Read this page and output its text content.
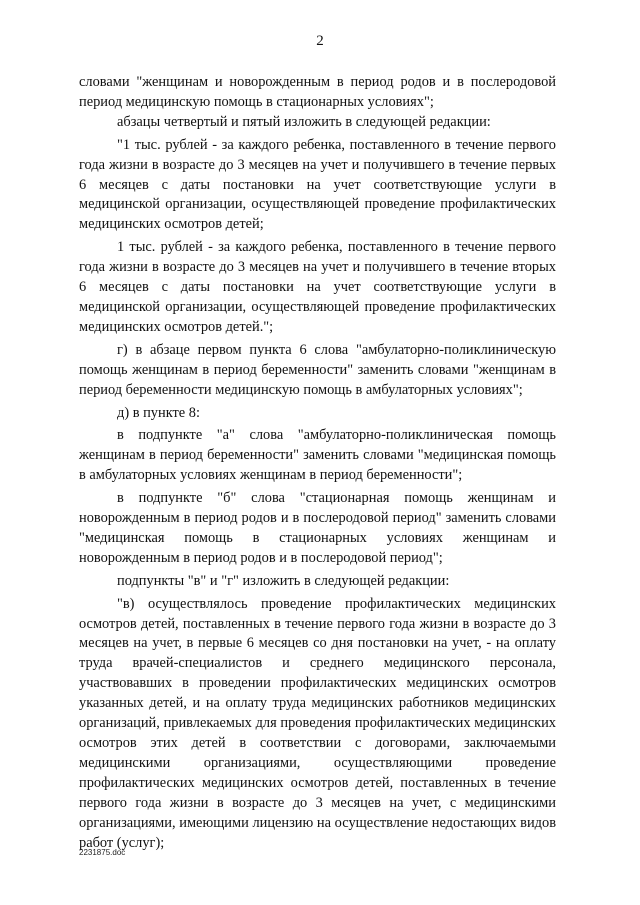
2

словами "женщинам и новорожденным в период родов и в послеродовой период медицинскую помощь в стационарных условиях";

абзацы четвертый и пятый изложить в следующей редакции:

"1 тыс. рублей - за каждого ребенка, поставленного в течение первого года жизни в возрасте до 3 месяцев на учет и получившего в течение первых 6 месяцев с даты постановки на учет соответствующие услуги в медицинской организации, осуществляющей проведение профилактических медицинских осмотров детей;

1 тыс. рублей - за каждого ребенка, поставленного в течение первого года жизни в возрасте до 3 месяцев на учет и получившего в течение вторых 6 месяцев с даты постановки на учет соответствующие услуги в медицинской организации, осуществляющей проведение профилактических медицинских осмотров детей.";

г) в абзаце первом пункта 6 слова "амбулаторно-поликлиническую помощь женщинам в период беременности" заменить словами "женщинам в период беременности медицинскую помощь в амбулаторных условиях";

д) в пункте 8:

в подпункте "а" слова "амбулаторно-поликлиническая помощь женщинам в период беременности" заменить словами "медицинская помощь в амбулаторных условиях женщинам в период беременности";

в подпункте "б" слова "стационарная помощь женщинам и новорожденным в период родов и в послеродовой период" заменить словами "медицинская помощь в стационарных условиях женщинам и новорожденным в период родов и в послеродовой период";

подпункты "в" и "г" изложить в следующей редакции:

"в) осуществлялось проведение профилактических медицинских осмотров детей, поставленных в течение первого года жизни в возрасте до 3 месяцев на учет, в первые 6 месяцев со дня постановки на учет, - на оплату труда врачей-специалистов и среднего медицинского персонала, участвовавших в проведении профилактических медицинских осмотров указанных детей, и на оплату труда медицинских работников медицинских организаций, привлекаемых для проведения профилактических медицинских осмотров этих детей в соответствии с договорами, заключаемыми медицинскими организациями, осуществляющими проведение профилактических медицинских осмотров детей, поставленных в течение первого года жизни в возрасте до 3 месяцев на учет, с медицинскими организациями, имеющими лицензию на осуществление недостающих видов работ (услуг);

2231875.doc
